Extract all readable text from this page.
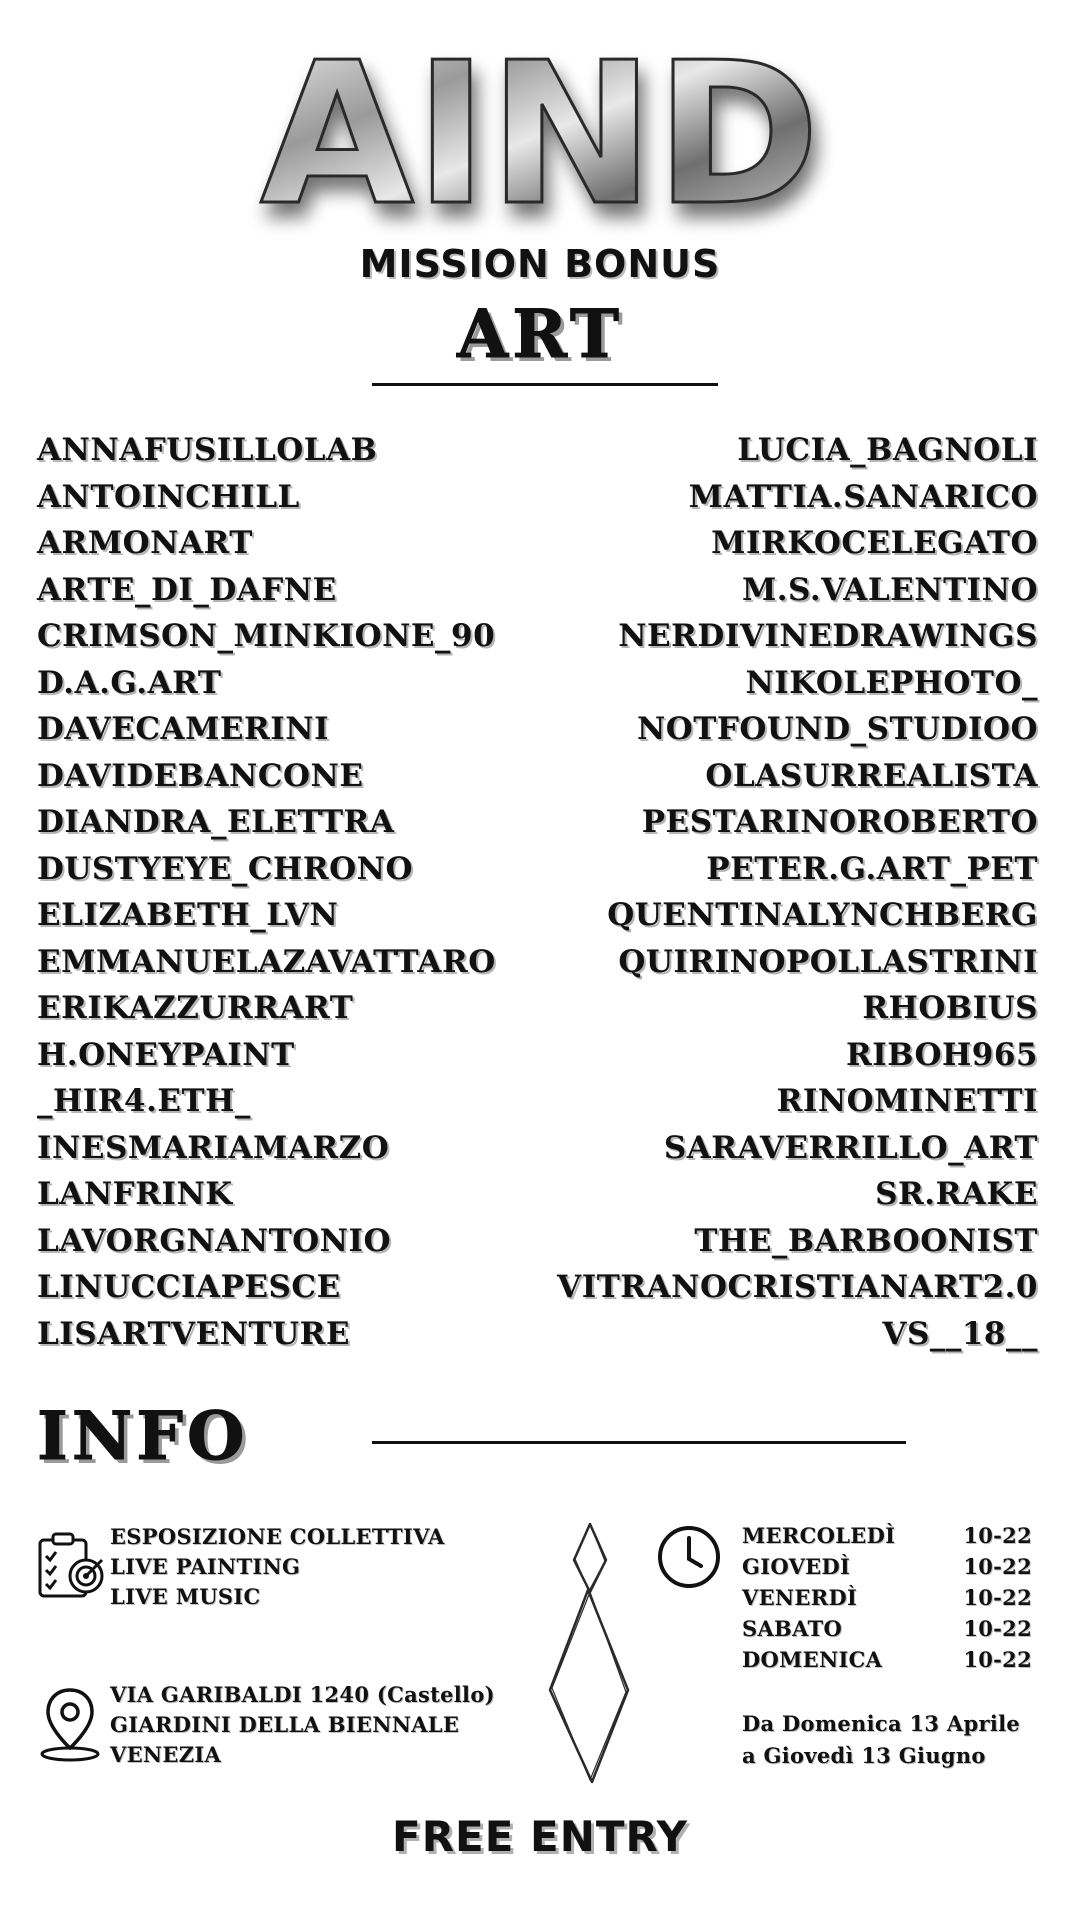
AIND
MISSION BONUS
ART
ANNAFUSILLOLAB
ANTOINCHILL
ARMONART
ARTE_DI_DAFNE
CRIMSON_MINKIONE_90
D.A.G.ART
DAVECAMERINI
DAVIDEBANCONE
DIANDRA_ELETTRA
DUSTYEYE_CHRONO
ELIZABETH_LVN
EMMANUELAZAVATTARO
ERIKAZZURRART
H.ONEYPAINT
_HIR4.ETH_
INESMARIAMARZO
LANFRINK
LAVORGNANTONIO
LINUCCIAPESCE
LISARTVENTURE
LUCIA_BAGNOLI
MATTIA.SANARICO
MIRKOCELEGATO
M.S.VALENTINO
NERDIVINEDRAWINGS
NIKOLEPHOTO_
NOTFOUND_STUDIOO
OLASURREALISTA
PESTARINOROBERTO
PETER.G.ART_PET
QUENTINALYNCHBERG
QUIRINOPOLLASTRINI
RHOBIUS
RIBOH965
RINOMINETTI
SARAVERRILLO_ART
SR.RAKE
THE_BARBOONIST
VITRANOCRISTIANART2.0
VS__18__
INFO
ESPOSIZIONE COLLETTIVA
LIVE PAINTING
LIVE MUSIC
VIA GARIBALDI 1240 (Castello)
GIARDINI DELLA BIENNALE
VENEZIA
MERCOLEDÌ	10-22
GIOVEDÌ	10-22
VENERDÌ	10-22
SABATO	10-22
DOMENICA	10-22
Da Domenica 13 Aprile
a Giovedì 13 Giugno
FREE ENTRY
